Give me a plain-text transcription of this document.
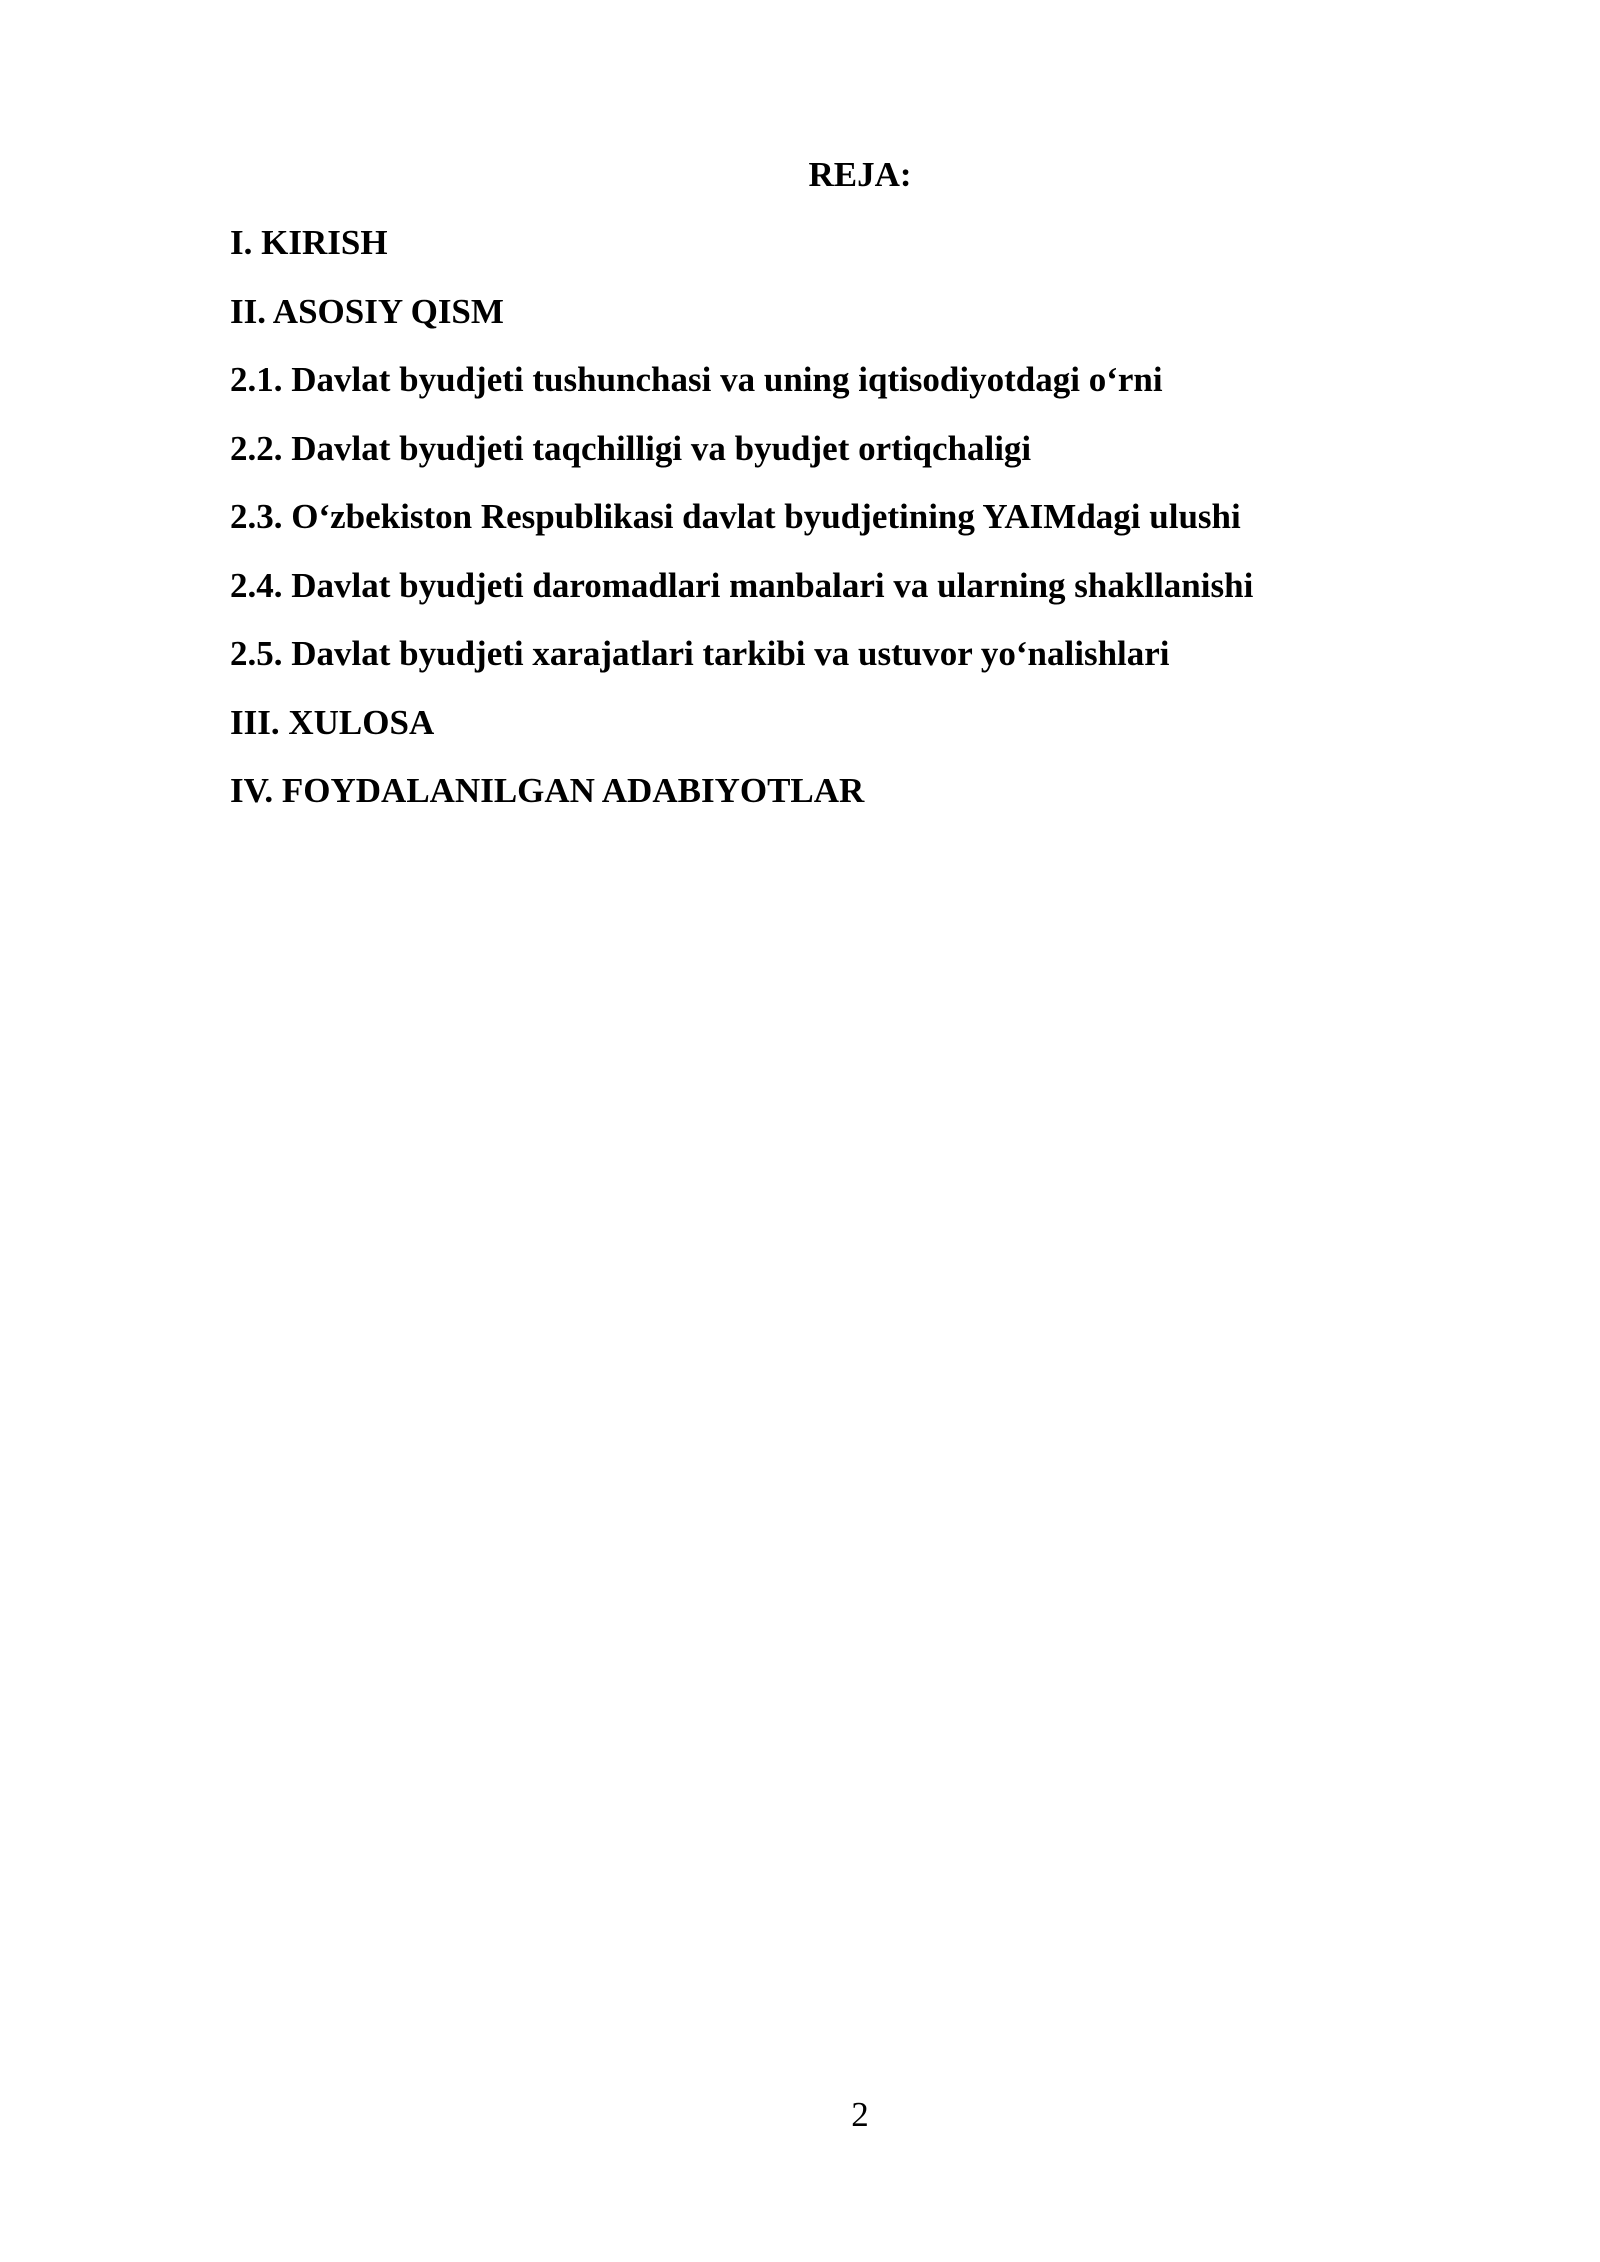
REJA:
I. KIRISH
II. ASOSIY QISM
2.1. Davlat byudjeti tushunchasi va uning iqtisodiyotdagi o‘rni
2.2. Davlat byudjeti taqchilligi va byudjet ortiqchaligi
2.3. O‘zbekiston Respublikasi davlat byudjetining YAIMdagi ulushi
2.4. Davlat byudjeti daromadlari manbalari va ularning shakllanishi
2.5. Davlat byudjeti xarajatlari tarkibi va ustuvor yo‘nalishlari
III. XULOSA
IV. FOYDALANILGAN ADABIYOTLAR
2
